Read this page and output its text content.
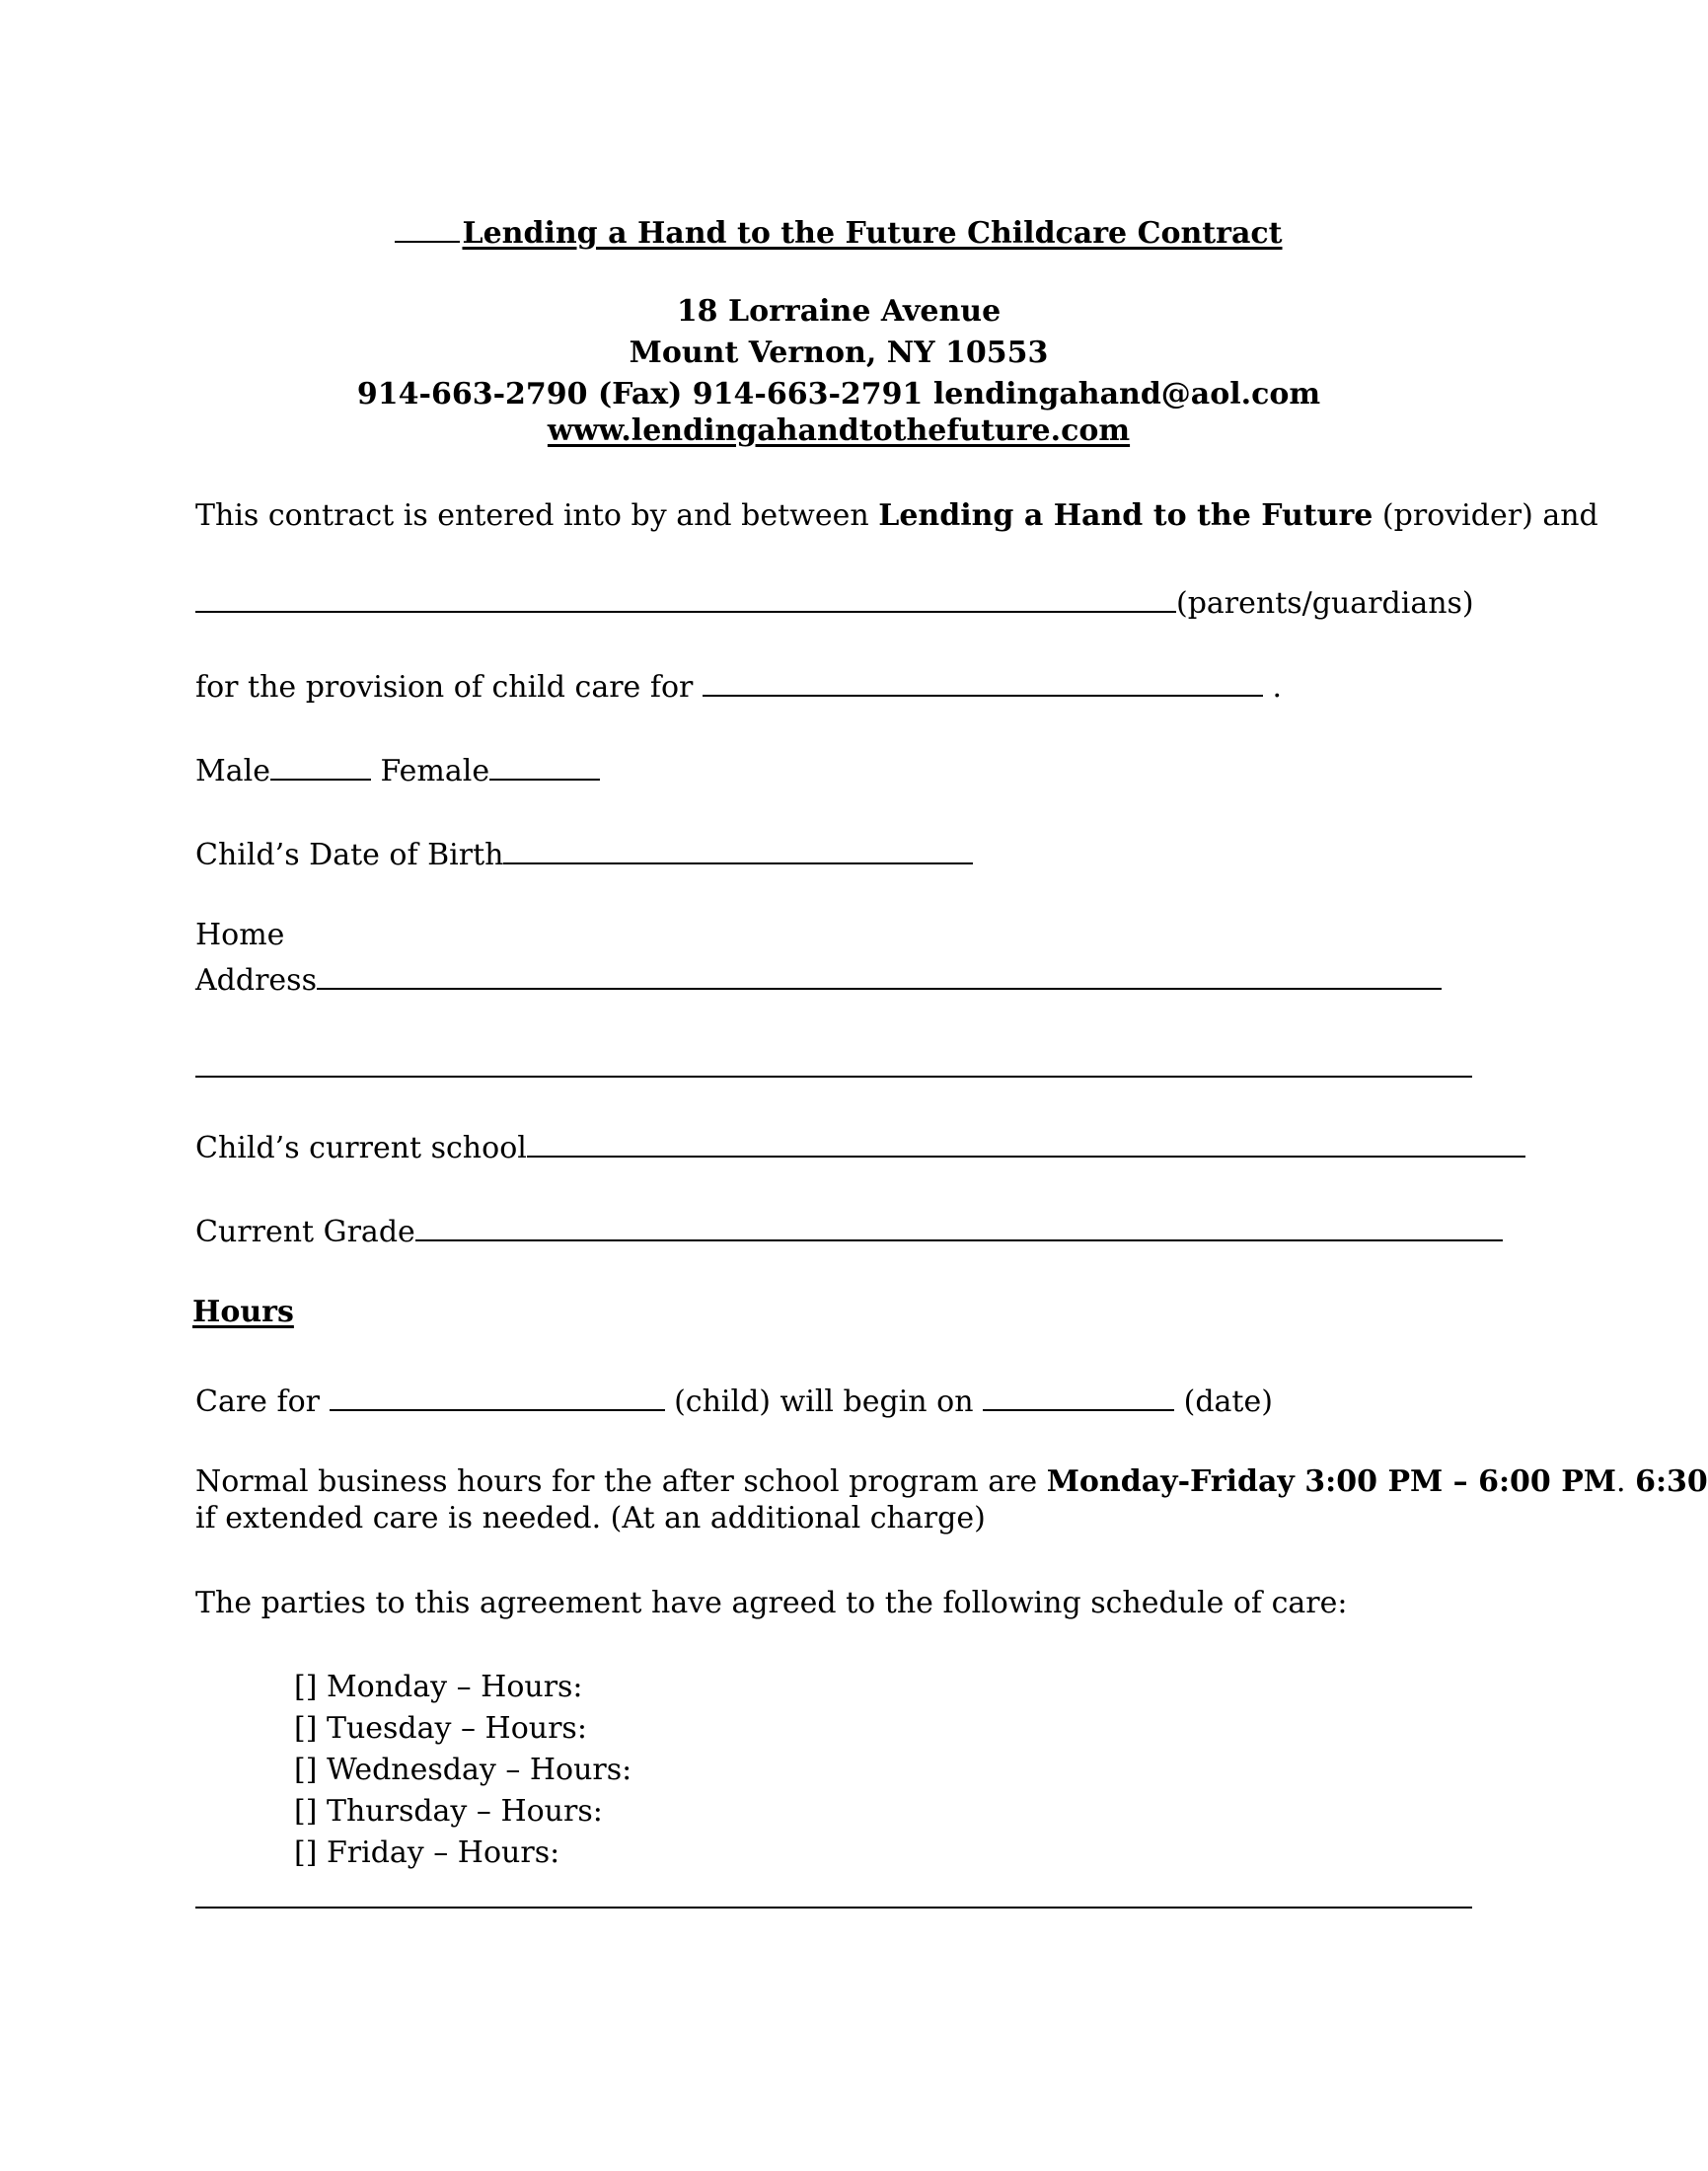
Lending a Hand to the Future Childcare Contract
18 Lorraine Avenue
Mount Vernon, NY 10553
914-663-2790 (Fax) 914-663-2791 lendingahand@aol.com
www.lendingahandtothefuture.com
This contract is entered into by and between Lending a Hand to the Future (provider) and
(parents/guardians)
for the provision of child care for	.
Male	Female
Child’s Date of Birth
Home
Address
Child’s current school
Current Grade
Hours
Care for	(child) will begin on	(date)
Normal business hours for the after school program are Monday-Friday 3:00 PM – 6:00 PM. 6:30
if extended care is needed. (At an additional charge)
The parties to this agreement have agreed to the following schedule of care:
[] Monday – Hours:
[] Tuesday – Hours:
[] Wednesday – Hours:
[] Thursday – Hours:
[] Friday – Hours:
